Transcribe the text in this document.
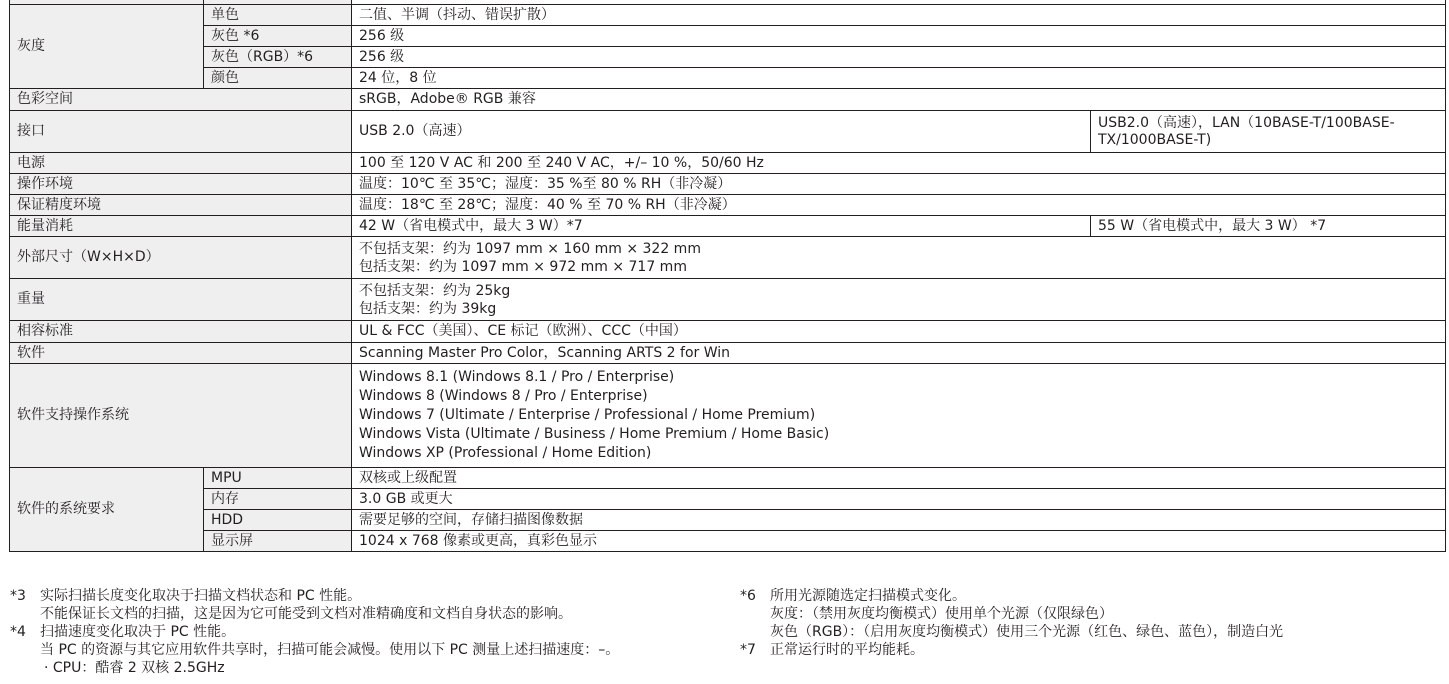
灰度	单色	二值、半调（抖动、错误扩散）	
	灰色 *6	256 级	
	灰色（RGB）*6	256 级	
	颜色	24 位，8 位	
色彩空间		sRGB，Adobe® RGB 兼容	
接口		USB 2.0（高速）	USB2.0（高速），LAN（10BASE-T/100BASE-TX/1000BASE-T)
电源		100 至 120 V AC 和 200 至 240 V AC，+/– 10 %，50/60 Hz	
操作环境		温度：10℃ 至 35℃；湿度：35 %至 80 % RH（非冷凝）	
保证精度环境		温度：18℃ 至 28℃；湿度：40 % 至 70 % RH（非冷凝）	
能量消耗		42 W（省电模式中，最大 3 W）*7	55 W（省电模式中，最大 3 W） *7
外部尺寸（W×H×D）		不包括支架：约为 1097 mm × 160 mm × 322 mm
包括支架：约为 1097 mm × 972 mm × 717 mm	

重量		不包括支架：约为 25kg
包括支架：约为 39kg	

相容标准		UL & FCC（美国）、CE 标记（欧洲）、CCC（中国）	
软件		Scanning Master Pro Color，Scanning ARTS 2 for Win	
软件支持操作系统		Windows 8.1 (Windows 8.1 / Pro / Enterprise)
Windows 8 (Windows 8 / Pro / Enterprise)
Windows 7 (Ultimate / Enterprise / Professional / Home Premium)
Windows Vista (Ultimate / Business / Home Premium / Home Basic)
Windows XP (Professional / Home Edition)	

软件的系统要求	MPU	双核或上级配置	
	内存	3.0 GB 或更大	
	HDD	需要足够的空间，存储扫描图像数据	
	显示屏	1024 x 768 像素或更高，真彩色显示	
*3 实际扫描长度变化取决于扫描文档状态和 PC 性能。
不能保证长文档的扫描，这是因为它可能受到文档对准精确度和文档自身状态的影响。
*4 扫描速度变化取决于 PC 性能。
当 PC 的资源与其它应用软件共享时，扫描可能会减慢。使用以下 PC 测量上述扫描速度：–。
· CPU：酷睿 2 双核 2.5GHz
*6 所用光源随选定扫描模式变化。
灰度：（禁用灰度均衡模式）使用单个光源（仅限绿色）
灰色（RGB）：（启用灰度均衡模式）使用三个光源（红色、绿色、蓝色），制造白光
*7 正常运行时的平均能耗。
